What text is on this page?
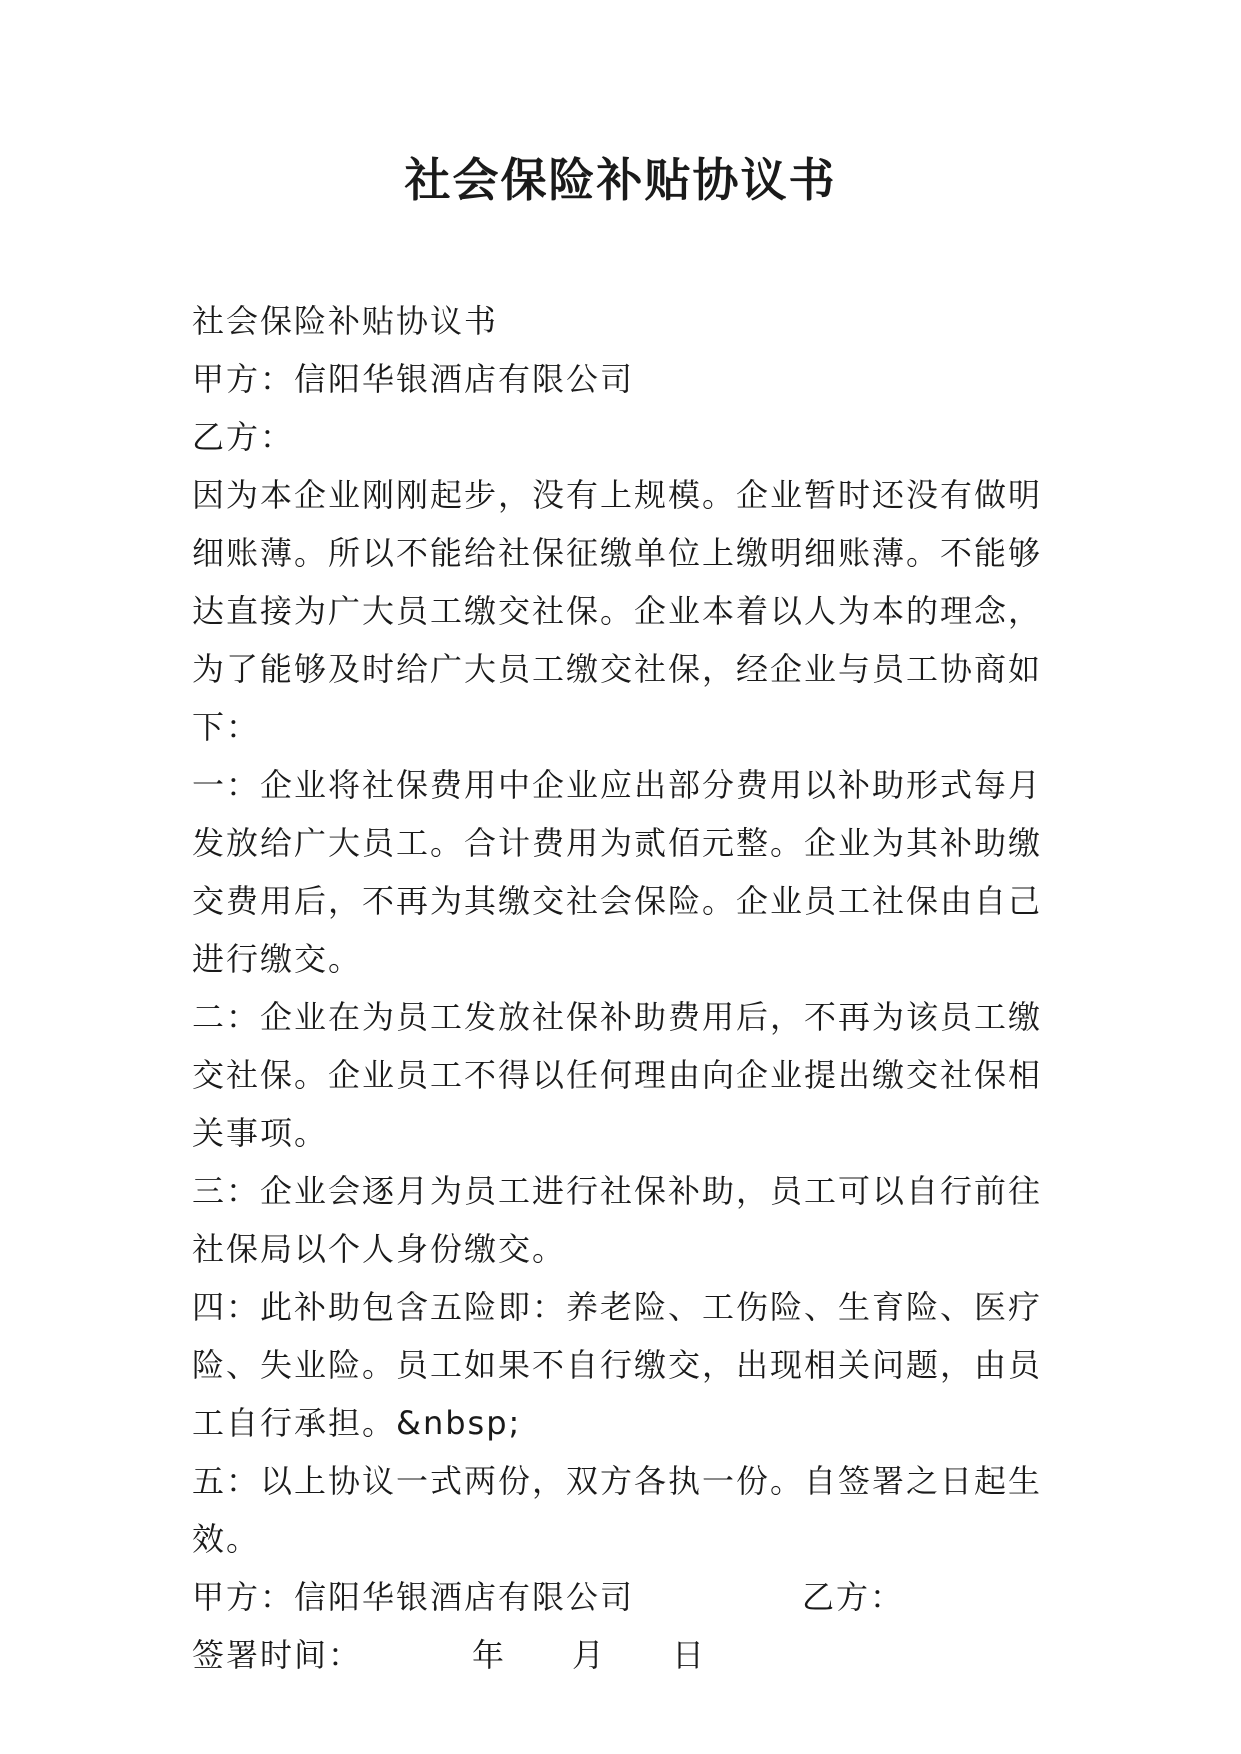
社会保险补贴协议书

社会保险补贴协议书

甲方：信阳华银酒店有限公司

乙方：

因为本企业刚刚起步，没有上规模。企业暂时还没有做明细账薄。所以不能给社保征缴单位上缴明细账薄。不能够达直接为广大员工缴交社保。企业本着以人为本的理念，为了能够及时给广大员工缴交社保，经企业与员工协商如下：

一：企业将社保费用中企业应出部分费用以补助形式每月发放给广大员工。合计费用为贰佰元整。企业为其补助缴交费用后，不再为其缴交社会保险。企业员工社保由自己进行缴交。

二：企业在为员工发放社保补助费用后，不再为该员工缴交社保。企业员工不得以任何理由向企业提出缴交社保相关事项。

三：企业会逐月为员工进行社保补助，员工可以自行前往社保局以个人身份缴交。

四：此补助包含五险即：养老险、工伤险、生育险、医疗险、失业险。员工如果不自行缴交，出现相关问题，由员工自行承担。&nbsp;

五：以上协议一式两份，双方各执一份。自签署之日起生效。

甲方：信阳华银酒店有限公司	乙方：
签署时间：	年	月	日
